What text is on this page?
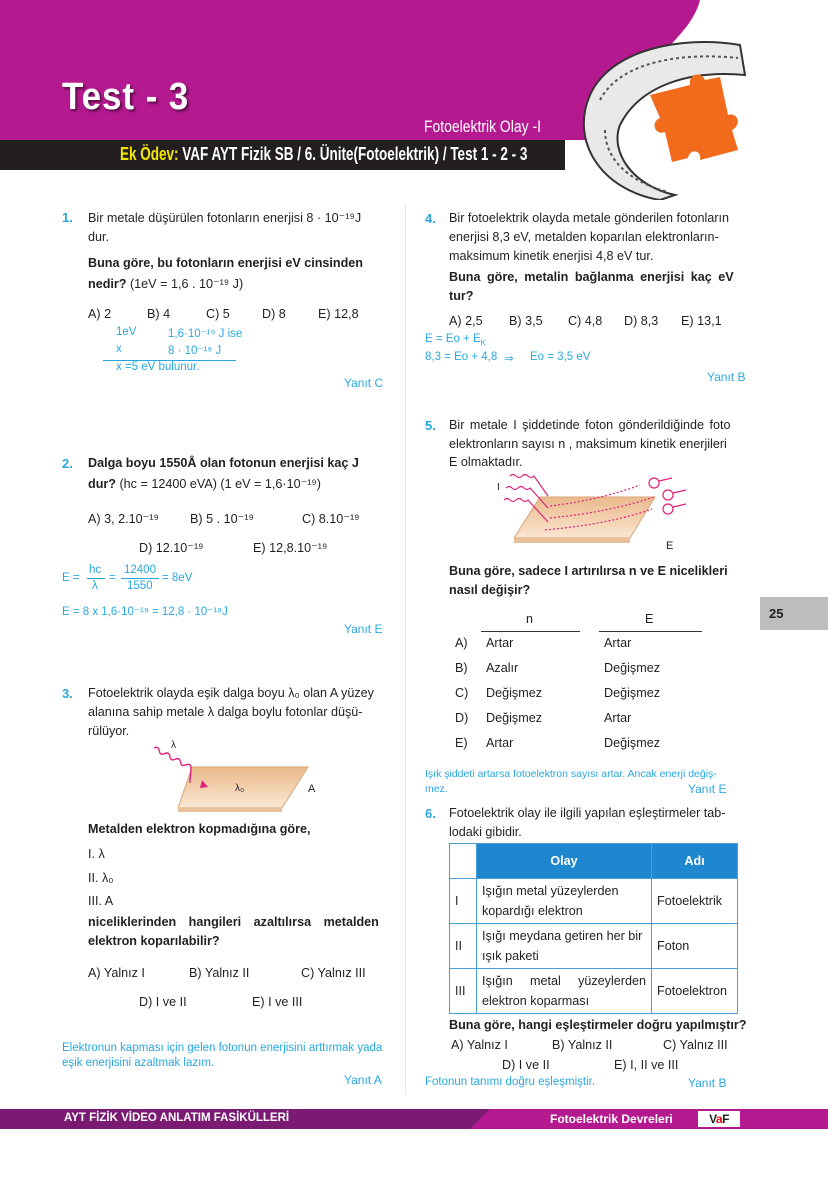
Test - 3
Fotoelektrik Olay -I
Ek Ödev: VAF AYT Fizik SB / 6. Ünite(Fotoelektrik) / Test 1 - 2 - 3
1. Bir metale düşürülen fotonların enerjisi 8 · 10⁻¹⁹J
dur.
Buna göre, bu fotonların enerjisi eV cinsinden
nedir? (1eV = 1,6 . 10⁻¹⁹ J)
A) 2	B) 4	C) 5	D) 8	E) 12,8
1eV	1,6·10⁻¹⁹ J ise
x	8 · 10⁻¹⁹ J
x =5 eV bulunur.
Yanıt C
2. Dalga boyu 1550Å olan fotonun enerjisi kaç J
dur? (hc = 12400 eVA) (1 eV = 1,6·10⁻¹⁹)
A) 3, 2.10⁻¹⁹ B) 5 . 10⁻¹⁹	C) 8.10⁻¹⁹
D) 12.10⁻¹⁹	E) 12,8.10⁻¹⁹
E =
hc
λ
=
12400
1550
= 8eV
E = 8 x 1,6·10⁻¹⁹ = 12,8 · 10⁻¹⁹J
Yanıt E
3. Fotoelektrik olayda eşik dalga boyu λ₀ olan A yüzey
alanına sahip metale λ dalga boylu fotonlar düşü-
rülüyor.
λ
λ₀	A
Metalden elektron kopmadığına göre,
I. λ
II. λ₀
III. A
niceliklerinden hangileri azaltılırsa metalden
elektron koparılabilir?
A) Yalnız I	B) Yalnız II	C) Yalnız III
D) I ve II	E) I ve III
Elektronun kapması için gelen fotonun enerjisini arttırmak yada
eşik enerjisini azaltmak lazım.
Yanıt A
4. Bir fotoelektrik olayda metale gönderilen fotonların
enerjisi 8,3 eV, metalden koparılan elektronların-
maksimum kinetik enerjisi 4,8 eV tur.
Buna göre, metalin bağlanma enerjisi kaç eV
tur?
A) 2,5 B) 3,5 C) 4,8 D) 8,3 E) 13,1
$E = Eo + E_K$
8,3 = Eo + 4,8 ⇒ Eo = 3,5 eV
Yanıt B
5. Bir metale I şiddetinde foton gönderildiğinde foto
elektronların sayısı n , maksimum kinetik enerjileri
E olmaktadır.
I
E
Buna göre, sadece I artırılırsa n ve E nicelikleri
nasıl değişir?
n	E
A) Artar	Artar
B) Azalır	Değişmez
C) Değişmez	Değişmez
D) Değişmez	Artar
E) Artar	Değişmez
Işık şiddeti artarsa fotoelektron sayısı artar. Ancak enerji değiş-
mez.	Yanıt E
25
6. Fotoelektrik olay ile ilgili yapılan eşleştirmeler tab-
lodaki gibidir.
	Olay	Adı
I	Işığın metal yüzeylerden kopardığı elektron	Fotoelektrik
II	Işığı meydana getiren her bir ışık paketi	Foton
III	Işığın metal yüzeylerden elektron koparması	Fotoelektron
Buna göre, hangi eşleştirmeler doğru yapılmıştır?
A) Yalnız I	B) Yalnız II	C) Yalnız III
D) I ve II	E) I, II ve III
Fotonun tanımı doğru eşleşmiştir.	Yanıt B
AYT FİZİK VİDEO ANLATIM FASİKÜLLERİ	Fotoelektrik Devreleri	VaF
